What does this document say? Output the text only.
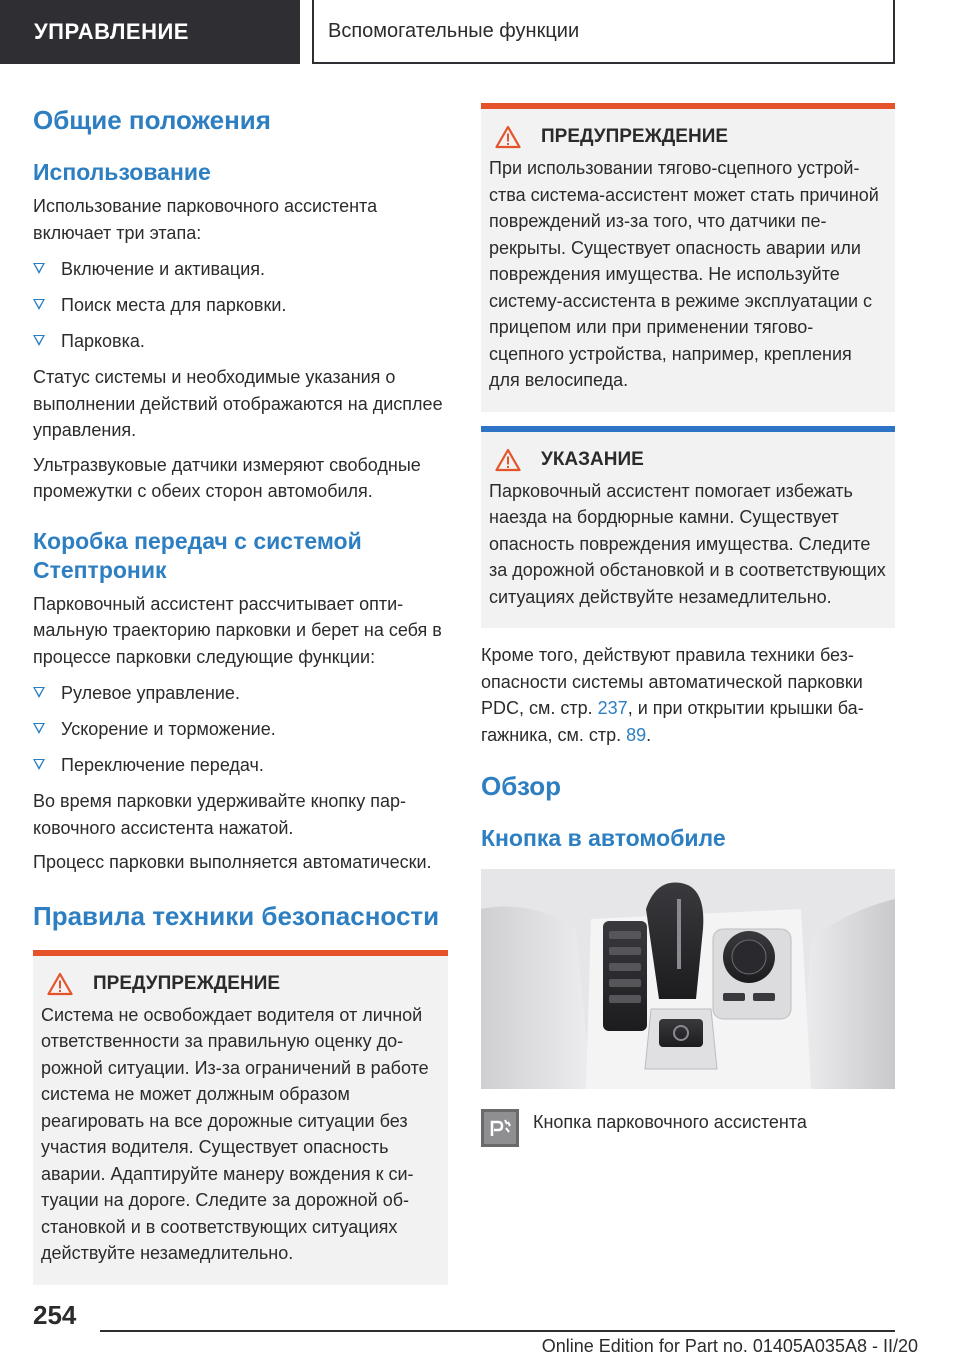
УПРАВЛЕНИЕ	Вспомогательные функции
Общие положения
Использование

Использование парковочного ассистента включает три этапа:

Включение и активация.
Поиск места для парковки.
Парковка.

Статус системы и необходимые указания о выполнении действий отображаются на дисплее управления.

Ультразвуковые датчики измеряют свободные промежутки с обеих сторон автомобиля.

Коробка передач с системой Стептроник

Парковочный ассистент рассчитывает оптимальную траекторию парковки и берет на себя в процессе парковки следующие функции:

Рулевое управление.
Ускорение и торможение.
Переключение передач.

Во время парковки удерживайте кнопку парковочного ассистента нажатой.

Процесс парковки выполняется автоматически.

Правила техники безопасности
ПРЕДУПРЕЖДЕНИЕ

Система не освобождает водителя от личной ответственности за правильную оценку дорожной ситуации. Из-за ограничений в работе система не может должным образом реагировать на все дорожные ситуации без участия водителя. Существует опасность аварии. Адаптируйте манеру вождения к ситуации на дороге. Следите за дорожной обстановкой и в соответствующих ситуациях действуйте незамедлительно.

ПРЕДУПРЕЖДЕНИЕ

При использовании тягово-сцепного устройства система-ассистент может стать причиной повреждений из-за того, что датчики перекрыты. Существует опасность аварии или повреждения имущества. Не используйте систему-ассистента в режиме эксплуатации с прицепом или при применении тягово-сцепного устройства, например, крепления для велосипеда.

УКАЗАНИЕ

Парковочный ассистент помогает избежать наезда на бордюрные камни. Существует опасность повреждения имущества. Следите за дорожной обстановкой и в соответствующих ситуациях действуйте незамедлительно.

Кроме того, действуют правила техники безопасности системы автоматической парковки PDC, см. стр. 237, и при открытии крышки багажника, см. стр. 89.

Обзор
Кнопка в автомобиле
Кнопка парковочного ассистента
254
Online Edition for Part no. 01405A035A8 - II/20
